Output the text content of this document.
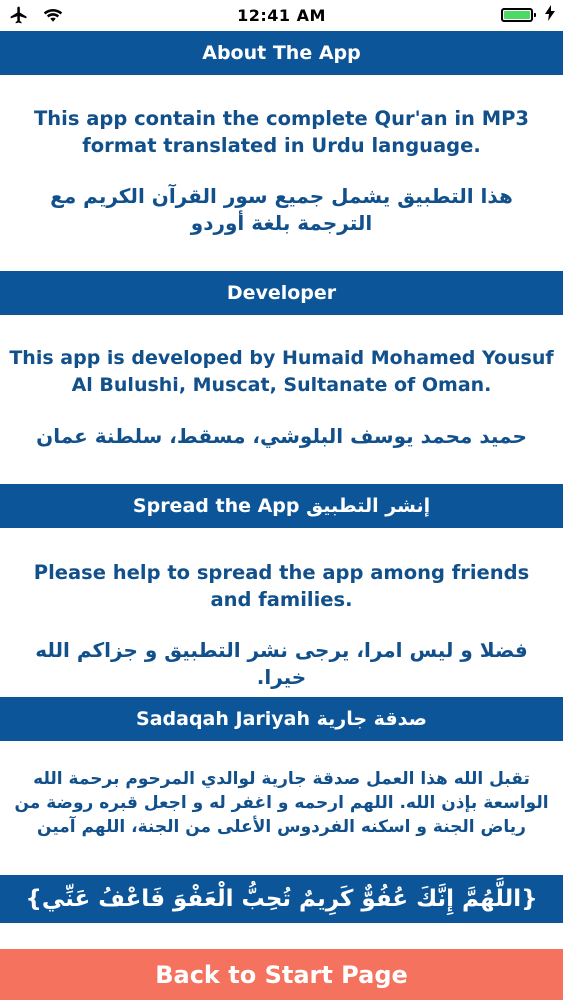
12:41 AM
About The App

This app contain the complete Qur'an in MP3 format translated in Urdu language.

هذا التطبيق يشمل جميع سور القرآن الكريم مع الترجمة بلغة أوردو

Developer

This app is developed by Humaid Mohamed Yousuf Al Bulushi, Muscat, Sultanate of Oman.

حميد محمد يوسف البلوشي، مسقط، سلطنة عمان

Spread the App إنشر التطبيق

Please help to spread the app among friends and families.

فضلا و ليس امرا، يرجى نشر التطبيق و جزاكم الله خيرا.

Sadaqah Jariyah صدقة جارية

تقبل الله هذا العمل صدقة جارية لوالدي المرحوم برحمة الله الواسعة بإذن الله. اللهم ارحمه و اغفر له و اجعل قبره روضة من رياض الجنة و اسكنه الفردوس الأعلى من الجنة، اللهم آمين

{اللَّهُمَّ إِنَّكَ عُفُوٌّ كَرِيمٌ تُحِبُّ الْعَفْوَ فَاعْفُ عَنِّي}
Back to Start Page
